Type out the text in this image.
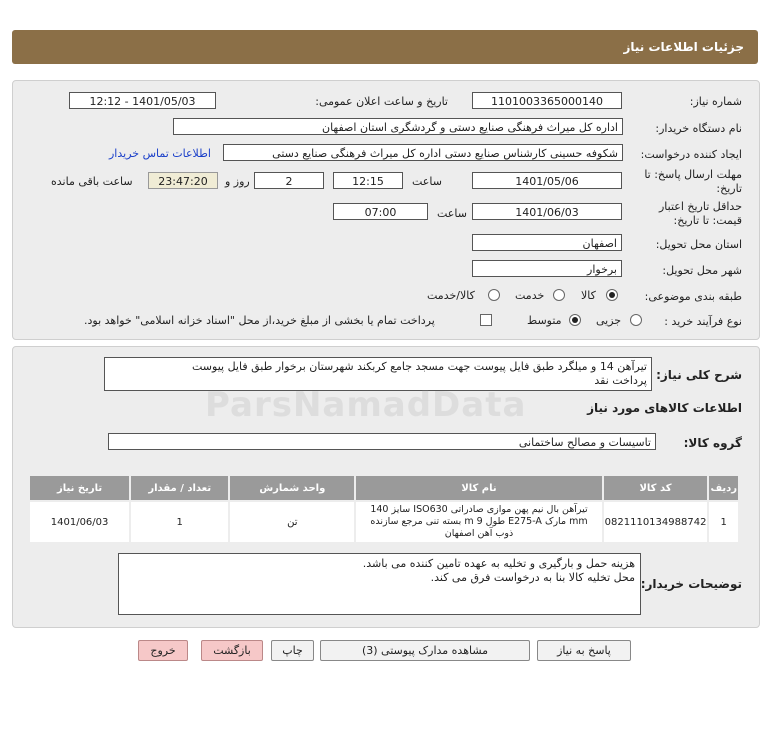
جزئیات اطلاعات نیاز
شماره نیاز:
1101003365000140
تاریخ و ساعت اعلان عمومی:
1401/05/03 - 12:12
نام دستگاه خریدار:
اداره کل میراث فرهنگی صنایع دستی و گردشگری استان اصفهان
ایجاد کننده درخواست:
شکوفه حسینی کارشناس صنایع دستی اداره کل میراث فرهنگی صنایع دستی
اطلاعات تماس خریدار
مهلت ارسال پاسخ: تا تاریخ:
1401/05/06
ساعت
12:15
2
روز و
23:47:20
ساعت باقی مانده
حداقل تاریخ اعتبار قیمت: تا تاریخ:
1401/06/03
ساعت
07:00
استان محل تحویل:
اصفهان
شهر محل تحویل:
برخوار
طبقه بندی موضوعی:
کالا
خدمت
کالا/خدمت
نوع فرآیند خرید :
جزیی
متوسط
پرداخت تمام یا بخشی از مبلغ خرید،از محل "اسناد خزانه اسلامی" خواهد بود.
شرح کلی نیاز:
تیرآهن 14 و میلگرد طبق فایل پیوست جهت مسجد جامع کربکند شهرستان برخوار طبق فایل پیوست
پرداخت نقد
اطلاعات کالاهای مورد نیاز
گروه کالا:
تاسیسات و مصالح ساختمانی
ردیف	کد کالا	نام کالا	واحد شمارش	تعداد / مقدار	تاریخ نیاز
1	0821110134988742	تیرآهن بال نیم پهن موازی صادراتی ISO630 سایز 140 mm مارک E275-A طول 9 m بسته تنی مرجع سازنده ذوب آهن اصفهان	تن	1	1401/06/03
توضیحات خریدار:
هزینه حمل و بارگیری و تخلیه به عهده تامین کننده می باشد.
محل تخلیه کالا بنا به درخواست فرق می کند.
پاسخ به نیاز
مشاهده مدارک پیوستی (3)
چاپ
بازگشت
خروج
